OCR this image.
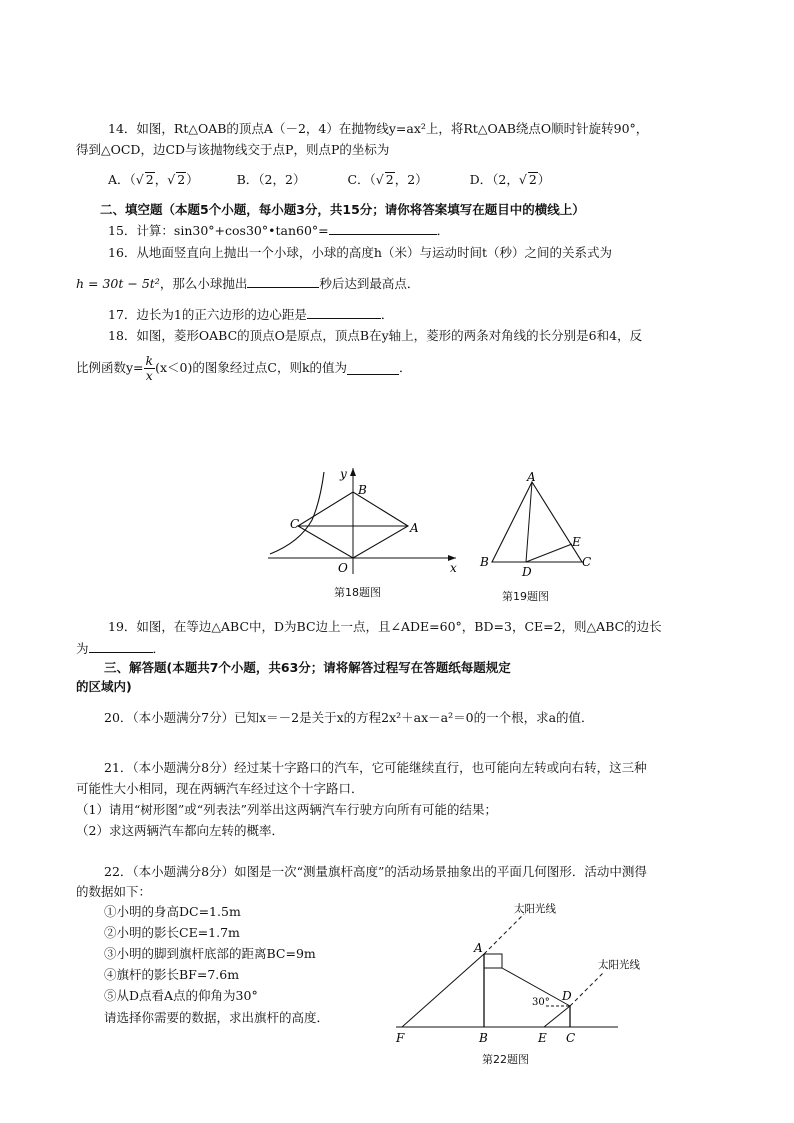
14．如图，Rt△OAB的顶点A（－2，4）在抛物线y=ax²上，将Rt△OAB绕点O顺时针旋转90°，
得到△OCD，边CD与该抛物线交于点P，则点P的坐标为
A．（√ 2，√ 2）	B．（2，2）	C．（√ 2，2）	D．（2，√ 2）
二、填空题（本题5个小题，每小题3分，共15分；请你将答案填写在题目中的横线上）
15．计算：sin30°+cos30°•tan60°=	．
16．从地面竖直向上抛出一个小球，小球的高度h（米）与运动时间t（秒）之间的关系式为
h = 30t − 5t²，那么小球抛出	秒后达到最高点．
17．边长为1的正六边形的边心距是	．
18．如图，菱形OABC的顶点O是原点，顶点B在y轴上，菱形的两条对角线的长分别是6和4，反
比例函数$y= \frac{k}{x} (x<0)$的图象经过点C，则k的值为	．
y
x
B
C	A
O
第18题图
A
B	C
D
E
第19题图
19．如图，在等边△ABC中，D为BC边上一点，且∠ADE=60°，BD=3，CE=2，则△ABC的边长
为	．
三、解答题(本题共7个小题，共63分；请将解答过程写在答题纸每题规定
的区域内)
20．（本小题满分7分）已知x＝－2是关于x的方程2x²＋ax－a²＝0的一个根，求a的值．
21．（本小题满分8分）经过某十字路口的汽车，它可能继续直行，也可能向左转或向右转，这三种
可能性大小相同，现在两辆汽车经过这个十字路口．
（1）请用“树形图”或“列表法”列举出这两辆汽车行驶方向所有可能的结果；
（2）求这两辆汽车都向左转的概率．
22．（本小题满分8分）如图是一次“测量旗杆高度”的活动场景抽象出的平面几何图形．活动中测得
的数据如下：
①小明的身高DC=1.5m
②小明的影长CE=1.7m
③小明的脚到旗杆底部的距离BC=9m
④旗杆的影长BF=7.6m
⑤从D点看A点的仰角为30°
请选择你需要的数据，求出旗杆的高度．
太阳光线
太阳光线
30°
A
D
F	B	E C
第22题图
